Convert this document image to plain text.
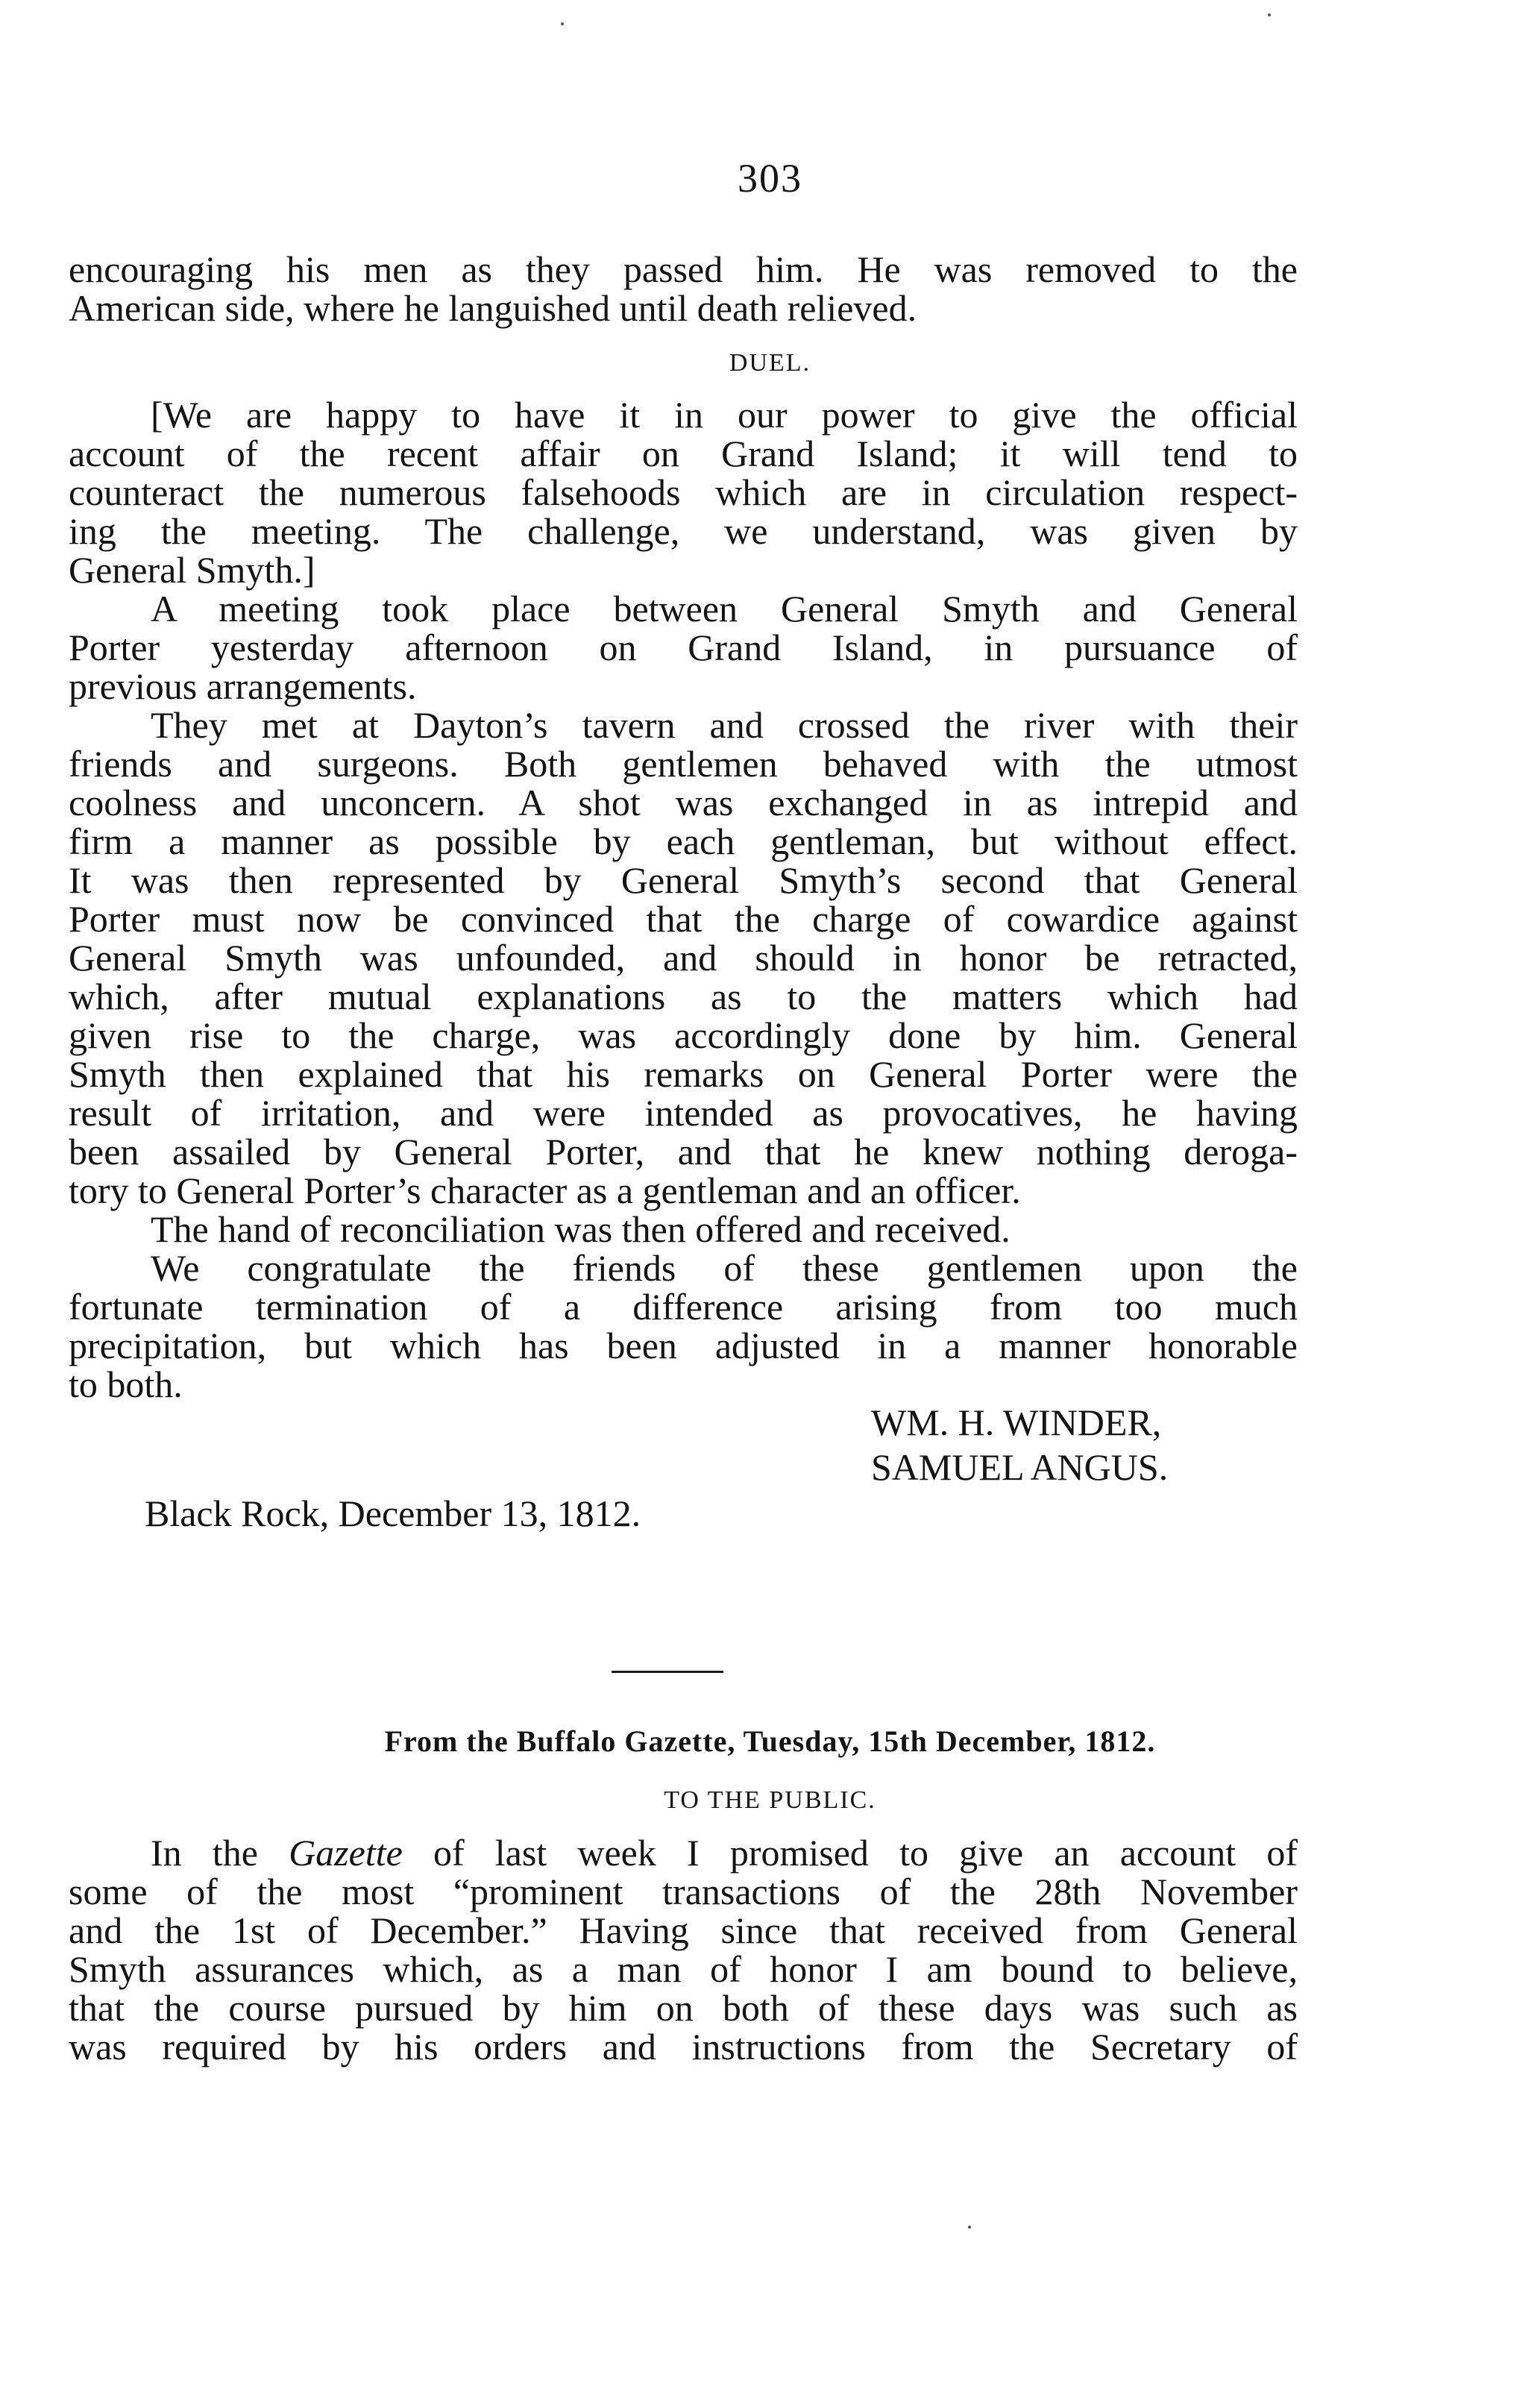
303

encouraging his men as they passed him. He was removed to the

American side, where he languished until death relieved.

DUEL.

[We are happy to have it in our power to give the official

account of the recent affair on Grand Island; it will tend to

counteract the numerous falsehoods which are in circulation respect-

ing the meeting. The challenge, we understand, was given by

General Smyth.]

A meeting took place between General Smyth and General

Porter yesterday afternoon on Grand Island, in pursuance of

previous arrangements.

They met at Dayton’s tavern and crossed the river with their

friends and surgeons. Both gentlemen behaved with the utmost

coolness and unconcern. A shot was exchanged in as intrepid and

firm a manner as possible by each gentleman, but without effect.

It was then represented by General Smyth’s second that General

Porter must now be convinced that the charge of cowardice against

General Smyth was unfounded, and should in honor be retracted,

which, after mutual explanations as to the matters which had

given rise to the charge, was accordingly done by him. General

Smyth then explained that his remarks on General Porter were the

result of irritation, and were intended as provocatives, he having

been assailed by General Porter, and that he knew nothing deroga-

tory to General Porter’s character as a gentleman and an officer.

The hand of reconciliation was then offered and received.

We congratulate the friends of these gentlemen upon the

fortunate termination of a difference arising from too much

precipitation, but which has been adjusted in a manner honorable

to both.

WM. H. WINDER,
SAMUEL ANGUS.
Black Rock, December 13, 1812.
From the Buffalo Gazette, Tuesday, 15th December, 1812.
TO THE PUBLIC.

In the Gazette of last week I promised to give an account of

some of the most “prominent transactions of the 28th November

and the 1st of December.” Having since that received from General

Smyth assurances which, as a man of honor I am bound to believe,

that the course pursued by him on both of these days was such as

was required by his orders and instructions from the Secretary of
